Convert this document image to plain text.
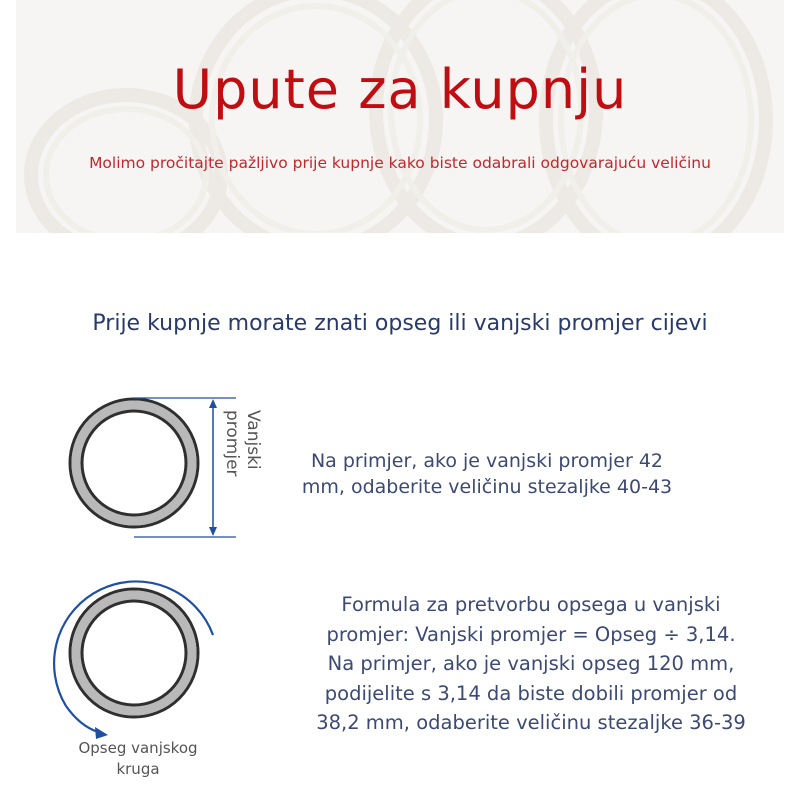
Upute za kupnju
Molimo pročitajte pažljivo prije kupnje kako biste odabrali odgovarajuću veličinu
Prije kupnje morate znati opseg ili vanjski promjer cijevi
Vanjski
promjer	Na primjer, ako je vanjski promjer 42
mm, odaberite veličinu stezaljke 40-43
Formula za pretvorbu opsega u vanjski
promjer: Vanjski promjer = Opseg ÷ 3,14.
Na primjer, ako je vanjski opseg 120 mm,
podijelite s 3,14 da biste dobili promjer od
38,2 mm, odaberite veličinu stezaljke 36-39
Opseg vanjskog
kruga
